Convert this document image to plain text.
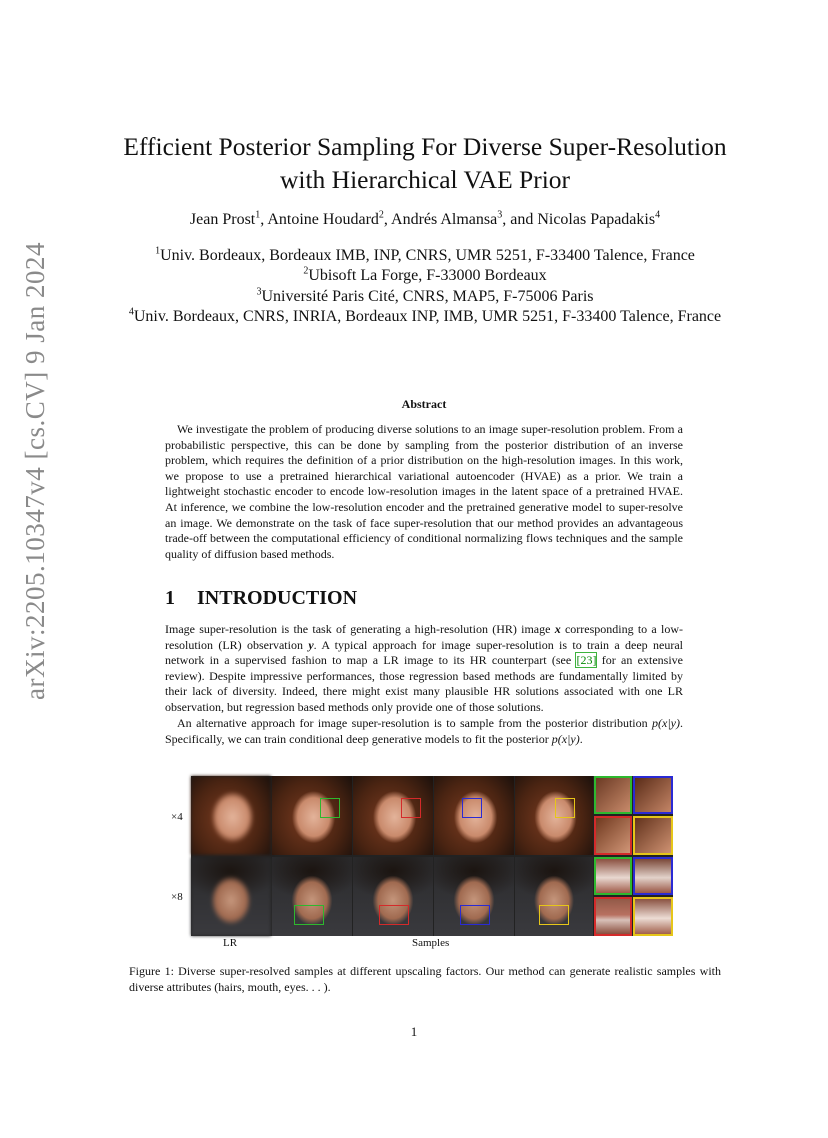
arXiv:2205.10347v4 [cs.CV] 9 Jan 2024
Efficient Posterior Sampling For Diverse Super-Resolution
with Hierarchical VAE Prior
Jean Prost$^1$, Antoine Houdard$^2$, Andrés Almansa$^3$, and Nicolas Papadakis$^4$
$^1$Univ. Bordeaux, Bordeaux IMB, INP, CNRS, UMR 5251, F-33400 Talence, France
$^2$Ubisoft La Forge, F-33000 Bordeaux
$^3$Université Paris Cité, CNRS, MAP5, F-75006 Paris
$^4$Univ. Bordeaux, CNRS, INRIA, Bordeaux INP, IMB, UMR 5251, F-33400 Talence, France
Abstract
We investigate the problem of producing diverse solutions to an image super-resolution problem. From a probabilistic perspective, this can be done by sampling from the posterior distribution of an inverse problem, which requires the definition of a prior distribution on the high-resolution images. In this work, we propose to use a pretrained hierarchical variational autoencoder (HVAE) as a prior. We train a lightweight stochastic encoder to encode low-resolution images in the latent space of a pretrained HVAE. At inference, we combine the low-resolution encoder and the pretrained generative model to super-resolve an image. We demonstrate on the task of face super-resolution that our method provides an advantageous trade-off between the computational efficiency of conditional normalizing flows techniques and the sample quality of diffusion based methods.
1 INTRODUCTION
Image super-resolution is the task of generating a high-resolution (HR) image x corresponding to a low-resolution (LR) observation y. A typical approach for image super-resolution is to train a deep neural network in a supervised fashion to map a LR image to its HR counterpart (see [23] for an extensive review). Despite impressive performances, those regression based methods are fundamentally limited by their lack of diversity. Indeed, there might exist many plausible HR solutions associated with one LR observation, but regression based methods only provide one of those solutions.
An alternative approach for image super-resolution is to sample from the posterior distribution p(x|y). Specifically, we can train conditional deep generative models to fit the posterior p(x|y).
×4
×8
LR	Samples
Figure 1: Diverse super-resolved samples at different upscaling factors. Our method can generate realistic samples with diverse attributes (hairs, mouth, eyes. . . ).
1
